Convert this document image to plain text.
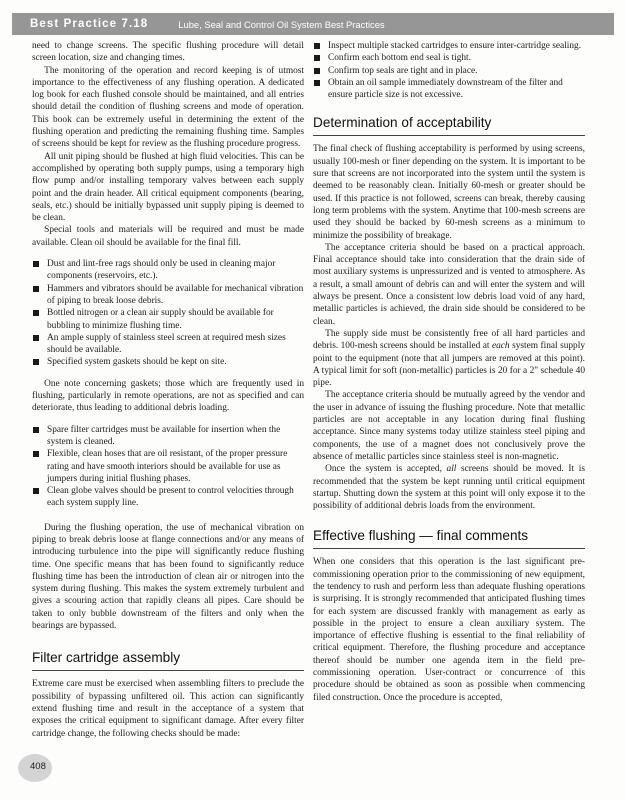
Best Practice 7.18	Lube, Seal and Control Oil System Best Practices

need to change screens. The specific flushing procedure will detail screen location, size and changing times.

The monitoring of the operation and record keeping is of utmost importance to the effectiveness of any flushing operation. A dedicated log book for each flushed console should be maintained, and all entries should detail the condition of flushing screens and mode of operation. This book can be extremely useful in determining the extent of the flushing operation and predicting the remaining flushing time. Samples of screens should be kept for review as the flushing procedure progress.

All unit piping should be flushed at high fluid velocities. This can be accomplished by operating both supply pumps, using a temporary high flow pump and/or installing temporary valves between each supply point and the drain header. All critical equipment components (bearing, seals, etc.) should be initially bypassed unit supply piping is deemed to be clean.

Special tools and materials will be required and must be made available. Clean oil should be available for the final fill.

Dust and lint-free rags should only be used in cleaning major components (reservoirs, etc.).
Hammers and vibrators should be available for mechanical vibration of piping to break loose debris.
Bottled nitrogen or a clean air supply should be available for bubbling to minimize flushing time.
An ample supply of stainless steel screen at required mesh sizes should be available.
Specified system gaskets should be kept on site.

One note concerning gaskets; those which are frequently used in flushing, particularly in remote operations, are not as specified and can deteriorate, thus leading to additional debris loading.

Spare filter cartridges must be available for insertion when the system is cleaned.
Flexible, clean hoses that are oil resistant, of the proper pressure rating and have smooth interiors should be available for use as jumpers during initial flushing phases.
Clean globe valves should be present to control velocities through each system supply line.

During the flushing operation, the use of mechanical vibration on piping to break debris loose at flange connections and/or any means of introducing turbulence into the pipe will significantly reduce flushing time. One specific means that has been found to significantly reduce flushing time has been the introduction of clean air or nitrogen into the system during flushing. This makes the system extremely turbulent and gives a scouring action that rapidly cleans all pipes. Care should be taken to only bubble downstream of the filters and only when the bearings are bypassed.

Filter cartridge assembly

Extreme care must be exercised when assembling filters to preclude the possibility of bypassing unfiltered oil. This action can significantly extend flushing time and result in the acceptance of a system that exposes the critical equipment to significant damage. After every filter cartridge change, the following checks should be made:

Inspect multiple stacked cartridges to ensure inter-cartridge sealing.
Confirm each bottom end seal is tight.
Confirm top seals are tight and in place.
Obtain an oil sample immediately downstream of the filter and ensure particle size is not excessive.
Determination of acceptability

The final check of flushing acceptability is performed by using screens, usually 100-mesh or finer depending on the system. It is important to be sure that screens are not incorporated into the system until the system is deemed to be reasonably clean. Initially 60-mesh or greater should be used. If this practice is not followed, screens can break, thereby causing long term problems with the system. Anytime that 100-mesh screens are used they should be backed by 60-mesh screens as a minimum to minimize the possibility of breakage.

The acceptance criteria should be based on a practical approach. Final acceptance should take into consideration that the drain side of most auxiliary systems is unpressurized and is vented to atmosphere. As a result, a small amount of debris can and will enter the system and will always be present. Once a consistent low debris load void of any hard, metallic particles is achieved, the drain side should be considered to be clean.

The supply side must be consistently free of all hard particles and debris. 100-mesh screens should be installed at each system final supply point to the equipment (note that all jumpers are removed at this point). A typical limit for soft (non-metallic) particles is 20 for a 2" schedule 40 pipe.

The acceptance criteria should be mutually agreed by the vendor and the user in advance of issuing the flushing procedure. Note that metallic particles are not acceptable in any location during final flushing acceptance. Since many systems today utilize stainless steel piping and components, the use of a magnet does not conclusively prove the absence of metallic particles since stainless steel is non-magnetic.

Once the system is accepted, all screens should be moved. It is recommended that the system be kept running until critical equipment startup. Shutting down the system at this point will only expose it to the possibility of additional debris loads from the environment.

Effective flushing — final comments

When one considers that this operation is the last significant pre-commissioning operation prior to the commissioning of new equipment, the tendency to rush and perform less than adequate flushing operations is surprising. It is strongly recommended that anticipated flushing times for each system are discussed frankly with management as early as possible in the project to ensure a clean auxiliary system. The importance of effective flushing is essential to the final reliability of critical equipment. Therefore, the flushing procedure and acceptance thereof should be number one agenda item in the field pre-commissioning operation. User-contract or concurrence of this procedure should be obtained as soon as possible when commencing filed construction. Once the procedure is accepted,

408
